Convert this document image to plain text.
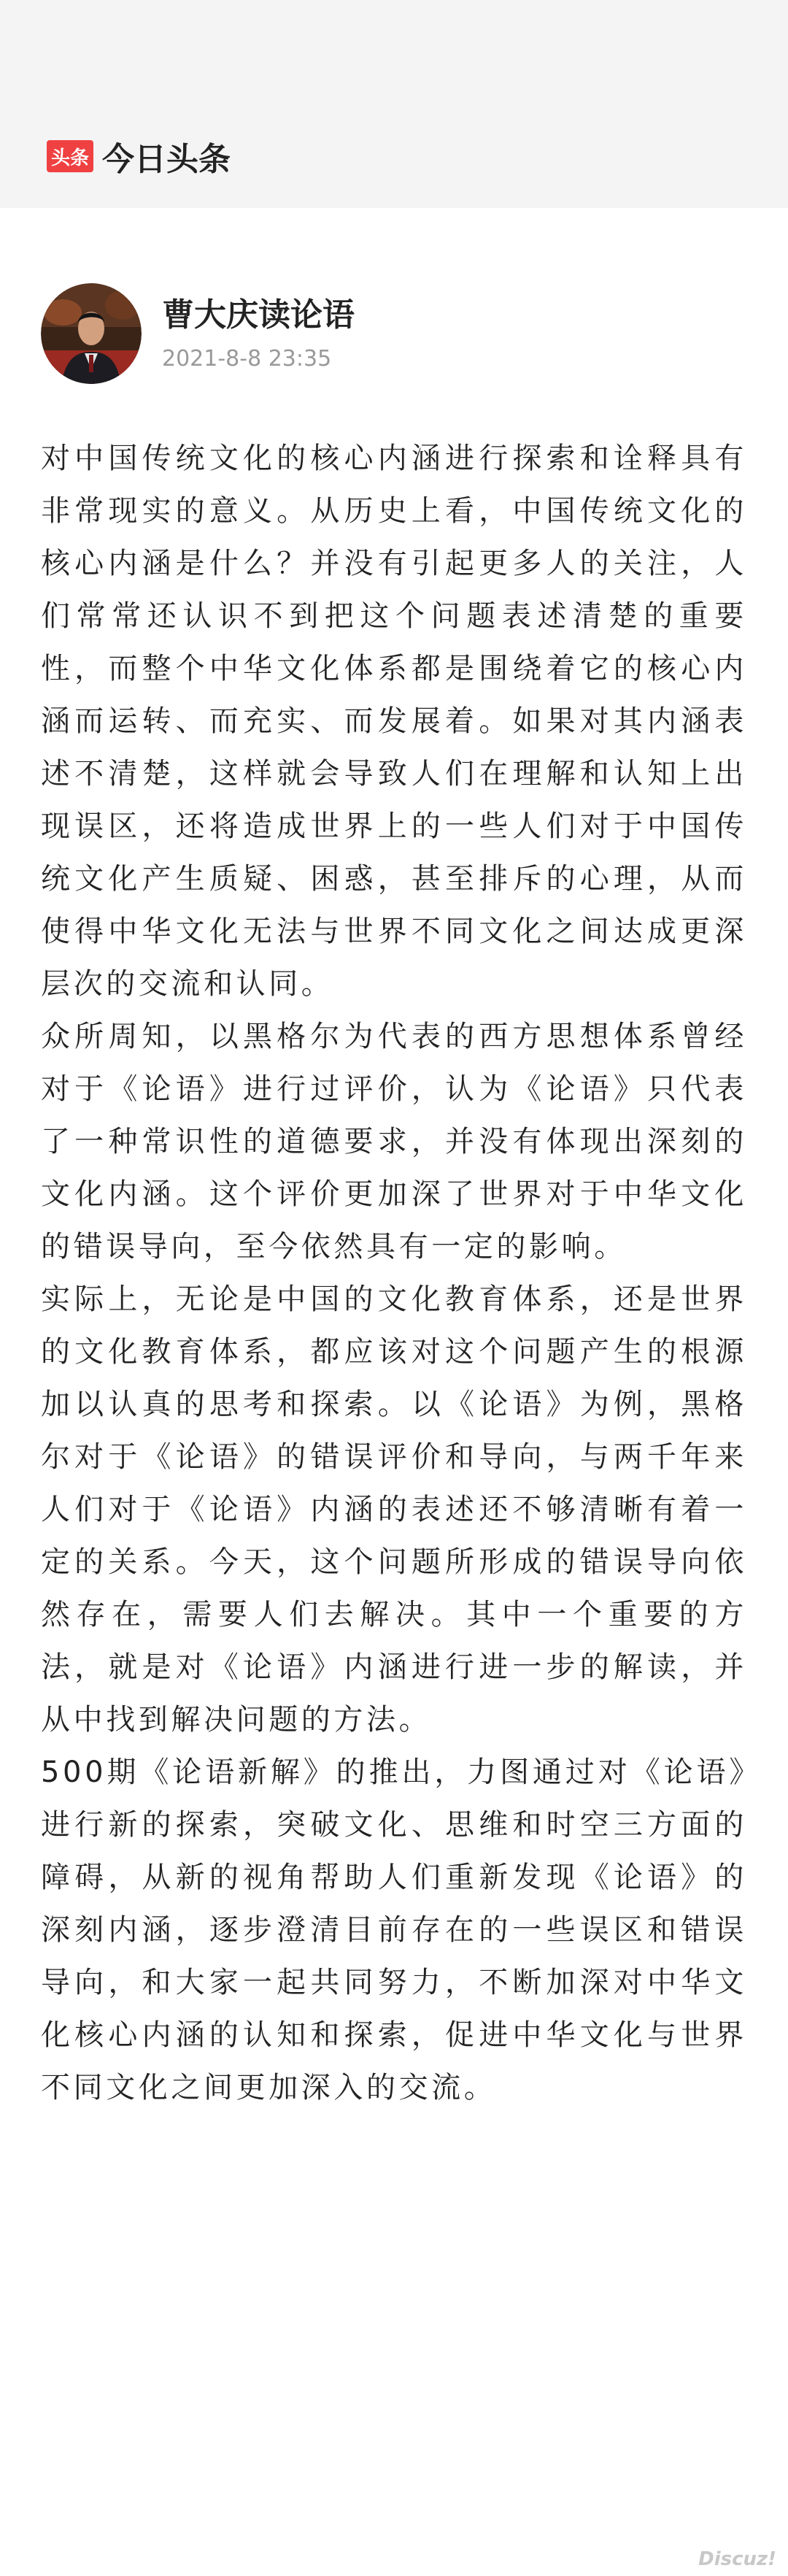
头条 今日头条
曹大庆读论语
2021-8-8 23:35

对中国传统文化的核心内涵进行探索和诠释具有非常现实的意义。从历史上看，中国传统文化的核心内涵是什么？并没有引起更多人的关注，人们常常还认识不到把这个问题表述清楚的重要性，而整个中华文化体系都是围绕着它的核心内涵而运转、而充实、而发展着。如果对其内涵表述不清楚，这样就会导致人们在理解和认知上出现误区，还将造成世界上的一些人们对于中国传统文化产生质疑、困惑，甚至排斥的心理，从而使得中华文化无法与世界不同文化之间达成更深层次的交流和认同。

众所周知，以黑格尔为代表的西方思想体系曾经对于《论语》进行过评价，认为《论语》只代表了一种常识性的道德要求，并没有体现出深刻的文化内涵。这个评价更加深了世界对于中华文化的错误导向，至今依然具有一定的影响。

实际上，无论是中国的文化教育体系，还是世界的文化教育体系，都应该对这个问题产生的根源加以认真的思考和探索。以《论语》为例，黑格尔对于《论语》的错误评价和导向，与两千年来人们对于《论语》内涵的表述还不够清晰有着一定的关系。今天，这个问题所形成的错误导向依然存在，需要人们去解决。其中一个重要的方法，就是对《论语》内涵进行进一步的解读，并从中找到解决问题的方法。

500期《论语新解》的推出，力图通过对《论语》进行新的探索，突破文化、思维和时空三方面的障碍，从新的视角帮助人们重新发现《论语》的深刻内涵，逐步澄清目前存在的一些误区和错误导向，和大家一起共同努力，不断加深对中华文化核心内涵的认知和探索，促进中华文化与世界不同文化之间更加深入的交流。

Discuz!
